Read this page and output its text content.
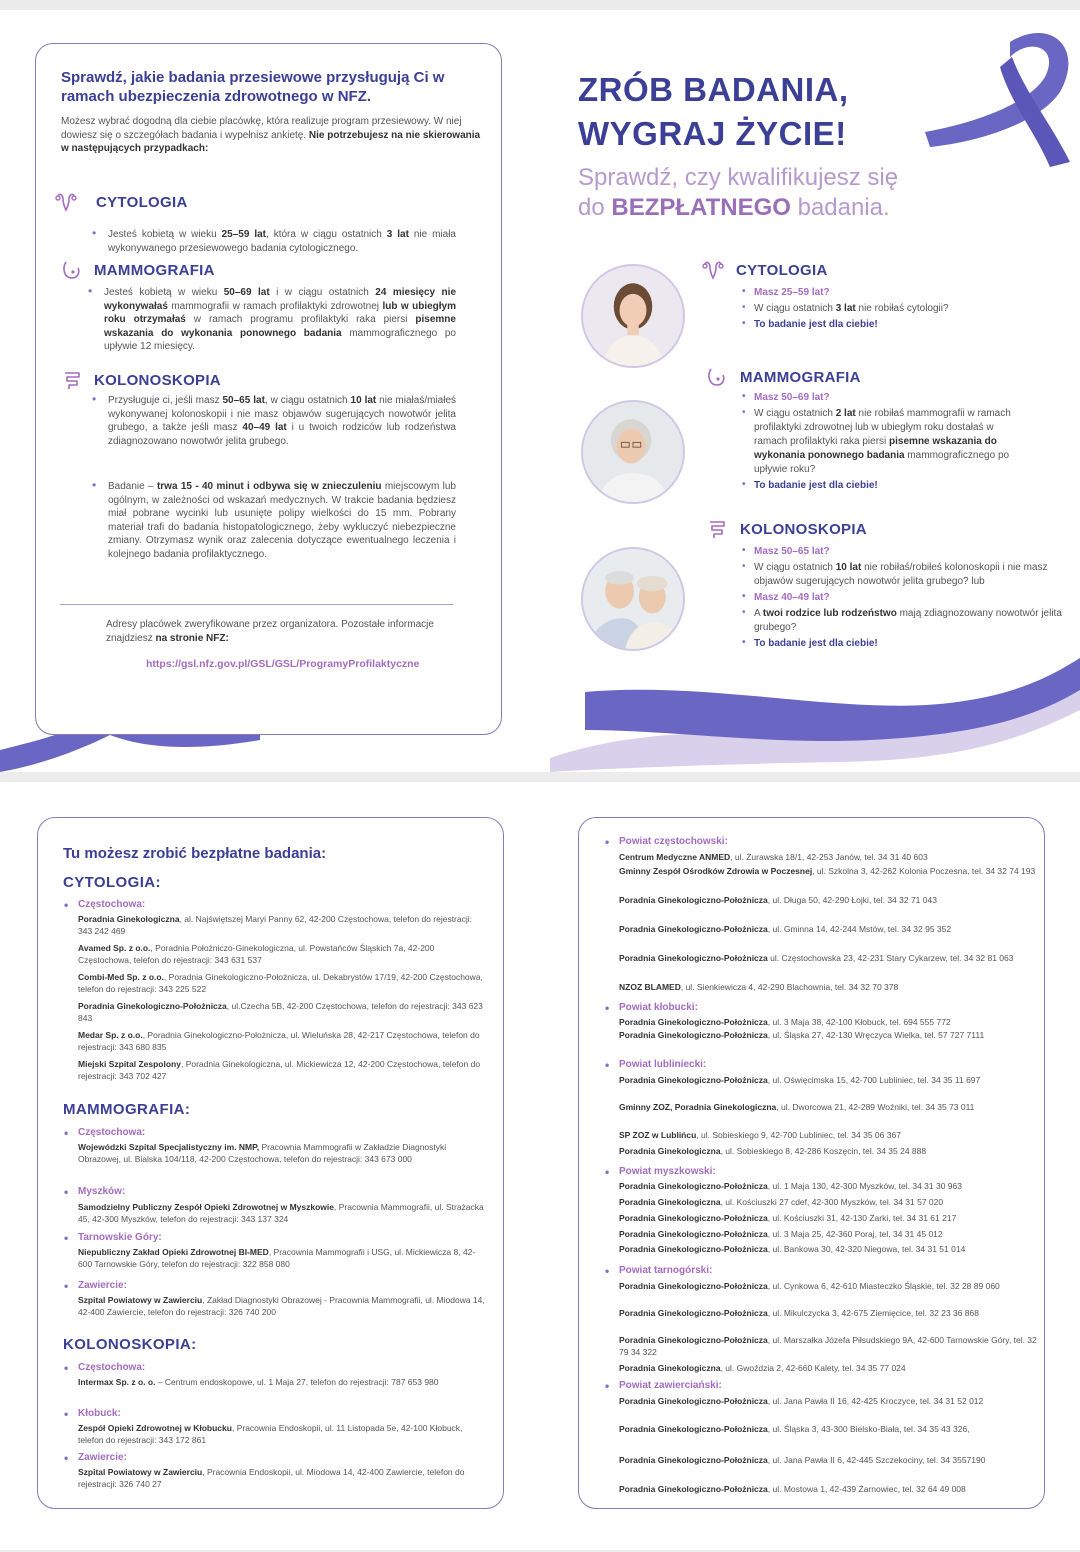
Sprawdź, jakie badania przesiewowe przysługują Ci w ramach ubezpieczenia zdrowotnego w NFZ.
Możesz wybrać dogodną dla ciebie placówkę, która realizuje program przesiewowy. W niej dowiesz się o szczegółach badania i wypełnisz ankietę. Nie potrzebujesz na nie skierowania w następujących przypadkach:
CYTOLOGIA
• Jesteś kobietą w wieku 25–59 lat, która w ciągu ostatnich 3 lat nie miała wykonywanego przesiewowego badania cytologicznego.
MAMMOGRAFIA
• Jesteś kobietą w wieku 50–69 lat i w ciągu ostatnich 24 miesięcy nie wykonywałaś mammografii w ramach profilaktyki zdrowotnej lub w ubiegłym roku otrzymałaś w ramach programu profilaktyki raka piersi pisemne wskazania do wykonania ponownego badania mammograficznego po upływie 12 miesięcy.
KOLONOSKOPIA
• Przysługuje ci, jeśli masz 50–65 lat, w ciągu ostatnich 10 lat nie miałaś/miałeś wykonywanej kolonoskopii i nie masz objawów sugerujących nowotwór jelita grubego, a także jeśli masz 40–49 lat i u twoich rodziców lub rodzeństwa zdiagnozowano nowotwór jelita grubego.
• Badanie – trwa 15 - 40 minut i odbywa się w znieczuleniu miejscowym lub ogólnym, w zależności od wskazań medycznych. W trakcie badania będziesz miał pobrane wycinki lub usunięte polipy wielkości do 15 mm. Pobrany materiał trafi do badania histopatologicznego, żeby wykluczyć niebezpieczne zmiany. Otrzymasz wynik oraz zalecenia dotyczące ewentualnego leczenia i kolejnego badania profilaktycznego.
Adresy placówek zweryfikowane przez organizatora. Pozostałe informacje znajdziesz na stronie NFZ:
https://gsl.nfz.gov.pl/GSL/GSL/ProgramyProfilaktyczne
ZRÓB BADANIA,
WYGRAJ ŻYCIE!
Sprawdź, czy kwalifikujesz się
do BEZPŁATNEGO badania.
CYTOLOGIA
• Masz 25–59 lat?
• W ciągu ostatnich 3 lat nie robiłaś cytologii?
• To badanie jest dla ciebie!
MAMMOGRAFIA
• Masz 50–69 lat?
• W ciągu ostatnich 2 lat nie robiłaś mammografii w ramach profilaktyki zdrowotnej lub w ubiegłym roku dostałaś w ramach profilaktyki raka piersi pisemne wskazania do wykonania ponownego badania mammograficznego po upływie roku?
• To badanie jest dla ciebie!
KOLONOSKOPIA
• Masz 50–65 lat?
• W ciągu ostatnich 10 lat nie robiłaś/robiłeś kolonoskopii i nie masz objawów sugerujących nowotwór jelita grubego? lub
• Masz 40–49 lat?
• A twoi rodzice lub rodzeństwo mają zdiagnozowany nowotwór jelita grubego?
• To badanie jest dla ciebie!
Tu możesz zrobić bezpłatne badania:
CYTOLOGIA:
• Częstochowa:
Poradnia Ginekologiczna, al. Najświętszej Maryi Panny 62, 42-200 Częstochowa, telefon do rejestracji: 343 242 469
Avamed Sp. z o.o., Poradnia Położniczo-Ginekologiczna, ul. Powstańców Śląskich 7a, 42-200 Częstochowa, telefon do rejestracji: 343 631 537
Combi-Med Sp. z o.o., Poradnia Ginekologiczno-Położnicza, ul. Dekabrystów 17/19, 42-200 Częstochowa, telefon do rejestracji: 343 225 522
Poradnia Ginekologiczno-Położnicza, ul.Czecha 5B, 42-200 Częstochowa, telefon do rejestracji: 343 623 843
Medar Sp. z o.o., Poradnia Ginekologiczno-Położnicza, ul. Wieluńska 28, 42-217 Częstochowa, telefon do rejestracji: 343 680 835
Miejski Szpital Zespolony, Poradnia Ginekologiczna, ul. Mickiewicza 12, 42-200 Częstochowa, telefon do rejestracji: 343 702 427
MAMMOGRAFIA:
• Częstochowa:
Wojewódzki Szpital Specjalistyczny im. NMP, Pracownia Mammografii w Zakładzie Diagnostyki Obrazowej, ul. Bialska 104/118, 42-200 Częstochowa, telefon do rejestracji: 343 673 000
• Myszków:
Samodzielny Publiczny Zespół Opieki Zdrowotnej w Myszkowie, Pracownia Mammografii, ul. Strażacka 45, 42-300 Myszków, telefon do rejestracji: 343 137 324
• Tarnowskie Góry:
Niepubliczny Zakład Opieki Zdrowotnej BI-MED, Pracownia Mammografii i USG, ul. Mickiewicza 8, 42-600 Tarnowskie Góry, telefon do rejestracji: 322 858 080
• Zawiercie:
Szpital Powiatowy w Zawierciu, Zakład Diagnostyki Obrazowej - Pracownia Mammografii, ul. Miodowa 14, 42-400 Zawiercie, telefon do rejestracji: 326 740 200
KOLONOSKOPIA:
• Częstochowa:
Intermax Sp. z o. o. – Centrum endoskopowe, ul. 1 Maja 27, telefon do rejestracji: 787 653 980
• Kłobuck:
Zespół Opieki Zdrowotnej w Kłobucku, Pracownia Endoskopii, ul. 11 Listopada 5e, 42-100 Kłobuck, telefon do rejestracji: 343 172 861
• Zawiercie:
Szpital Powiatowy w Zawierciu, Pracownia Endoskopii, ul. Miodowa 14, 42-400 Zawiercie, telefon do rejestracji: 326 740 27
• Powiat częstochowski:
Centrum Medyczne ANMED, ul. Żurawska 18/1, 42-253 Janów, tel. 34 31 40 603
Gminny Zespół Ośrodków Zdrowia w Poczesnej, ul. Szkolna 3, 42-262 Kolonia Poczesna, tel. 34 32 74 193
Poradnia Ginekologiczno-Położnicza, ul. Długa 50, 42-290 Łojki, tel. 34 32 71 043
Poradnia Ginekologiczno-Położnicza, ul. Gminna 14, 42-244 Mstów, tel. 34 32 95 352
Poradnia Ginekologiczno-Położnicza ul. Częstochowska 23, 42-231 Stary Cykarzew, tel. 34 32 81 063
NZOZ BLAMED, ul. Sienkiewicza 4, 42-290 Blachownia, tel. 34 32 70 378
• Powiat kłobucki:
Poradnia Ginekologiczno-Położnicza, ul. 3 Maja 38, 42-100 Kłobuck, tel. 694 555 772
Poradnia Ginekologiczno-Położnicza, ul. Śląska 27, 42-130 Wręczyca Wielka, tel. 57 727 7111
• Powiat lubliniecki:
Poradnia Ginekologiczno-Położnicza, ul. Oświęcimska 15, 42-700 Lubliniec, tel. 34 35 11 697
Gminny ZOZ, Poradnia Ginekologiczna, ul. Dworcowa 21, 42-289 Woźniki, tel. 34 35 73 011
SP ZOZ w Lublińcu, ul. Sobieskiego 9, 42-700 Lubliniec, tel. 34 35 06 367
Poradnia Ginekologiczna, ul. Sobieskiego 8, 42-286 Koszęcin, tel. 34 35 24 888
• Powiat myszkowski:
Poradnia Ginekologiczno-Położnicza, ul. 1 Maja 130, 42-300 Myszków, tel. 34 31 30 963
Poradnia Ginekologiczna, ul. Kościuszki 27 cdef, 42-300 Myszków, tel. 34 31 57 020
Poradnia Ginekologiczno-Położnicza, ul. Kościuszki 31, 42-130 Żarki, tel. 34 31 61 217
Poradnia Ginekologiczno-Położnicza, ul. 3 Maja 25, 42-360 Poraj, tel. 34 31 45 012
Poradnia Ginekologiczno-Położnicza, ul. Bankowa 30, 42-320 Niegowa, tel. 34 31 51 014
• Powiat tarnogórski:
Poradnia Ginekologiczno-Położnicza, ul. Cynkowa 6, 42-610 Miasteczko Śląskie, tel. 32 28 89 060
Poradnia Ginekologiczno-Położnicza, ul. Mikulczycka 3, 42-675 Ziemięcice, tel. 32 23 36 868
Poradnia Ginekologiczno-Położnicza, ul. Marszałka Józefa Piłsudskiego 9A, 42-600 Tarnowskie Góry, tel. 32 79 34 322
Poradnia Ginekologiczna, ul. Gwoździa 2, 42-660 Kalety, tel. 34 35 77 024
• Powiat zawierciański:
Poradnia Ginekologiczno-Położnicza, ul. Jana Pawła II 16, 42-425 Kroczyce, tel. 34 31 52 012
Poradnia Ginekologiczno-Położnicza, ul. Śląska 3, 43-300 Bielsko-Biała, tel. 34 35 43 326,
Poradnia Ginekologiczno-Położnicza, ul. Jana Pawła II 6, 42-445 Szczekociny, tel. 34 3557190
Poradnia Ginekologiczno-Położnicza, ul. Mostowa 1, 42-439 Żarnowiec, tel. 32 64 49 008
